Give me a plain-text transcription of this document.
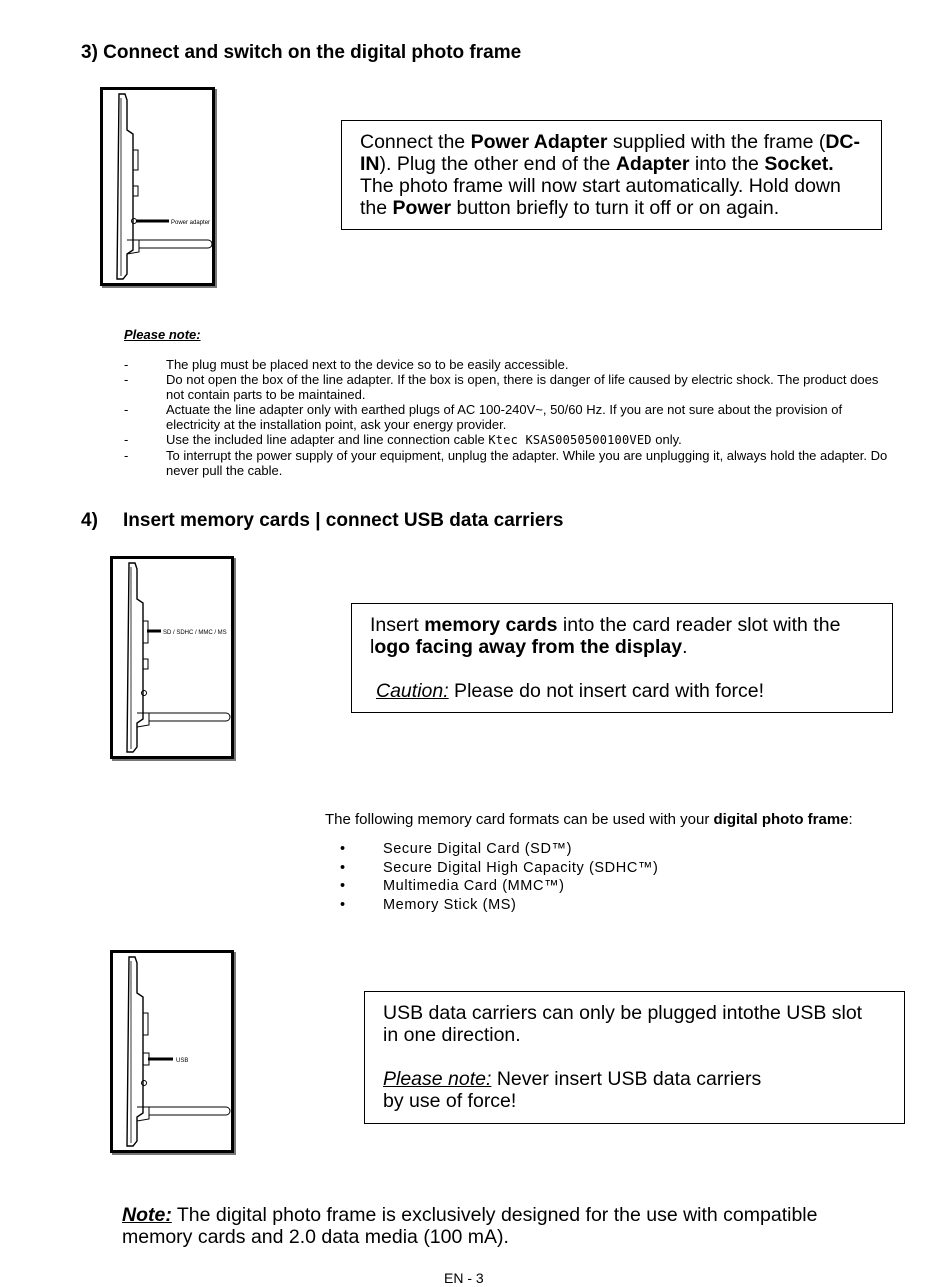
3) Connect and switch on the digital photo frame
Power adapter
Connect the Power Adapter supplied with the frame (DC-IN). Plug the other end of the Adapter into the Socket. The photo frame will now start automatically. Hold down the Power button briefly to turn it off or on again.
Please note:
-	The plug must be placed next to the device so to be easily accessible.
-	Do not open the box of the line adapter. If the box is open, there is danger of life caused by electric shock. The product does not contain parts to be maintained.
-	Actuate the line adapter only with earthed plugs of AC 100-240V~, 50/60 Hz. If you are not sure about the provision of electricity at the installation point, ask your energy provider.
-	Use the included line adapter and line connection cable Ktec KSAS0050500100VED only.
-	To interrupt the power supply of your equipment, unplug the adapter. While you are unplugging it, always hold the adapter. Do never pull the cable.
4) Insert memory cards | connect USB data carriers
SD / SDHC / MMC / MS	Insert memory cards into the card reader slot with the logo facing away from the display.
Caution: Please do not insert card with force!
The following memory card formats can be used with your digital photo frame:
•	Secure Digital Card (SD™)
•	Secure Digital High Capacity (SDHC™)
•	Multimedia Card (MMC™)
•	Memory Stick (MS)
USB
USB data carriers can only be plugged intothe USB slot in one direction.
Please note: Never insert USB data carriers by use of force!
Note: The digital photo frame is exclusively designed for the use with compatible memory cards and 2.0 data media (100 mA).
EN - 3
